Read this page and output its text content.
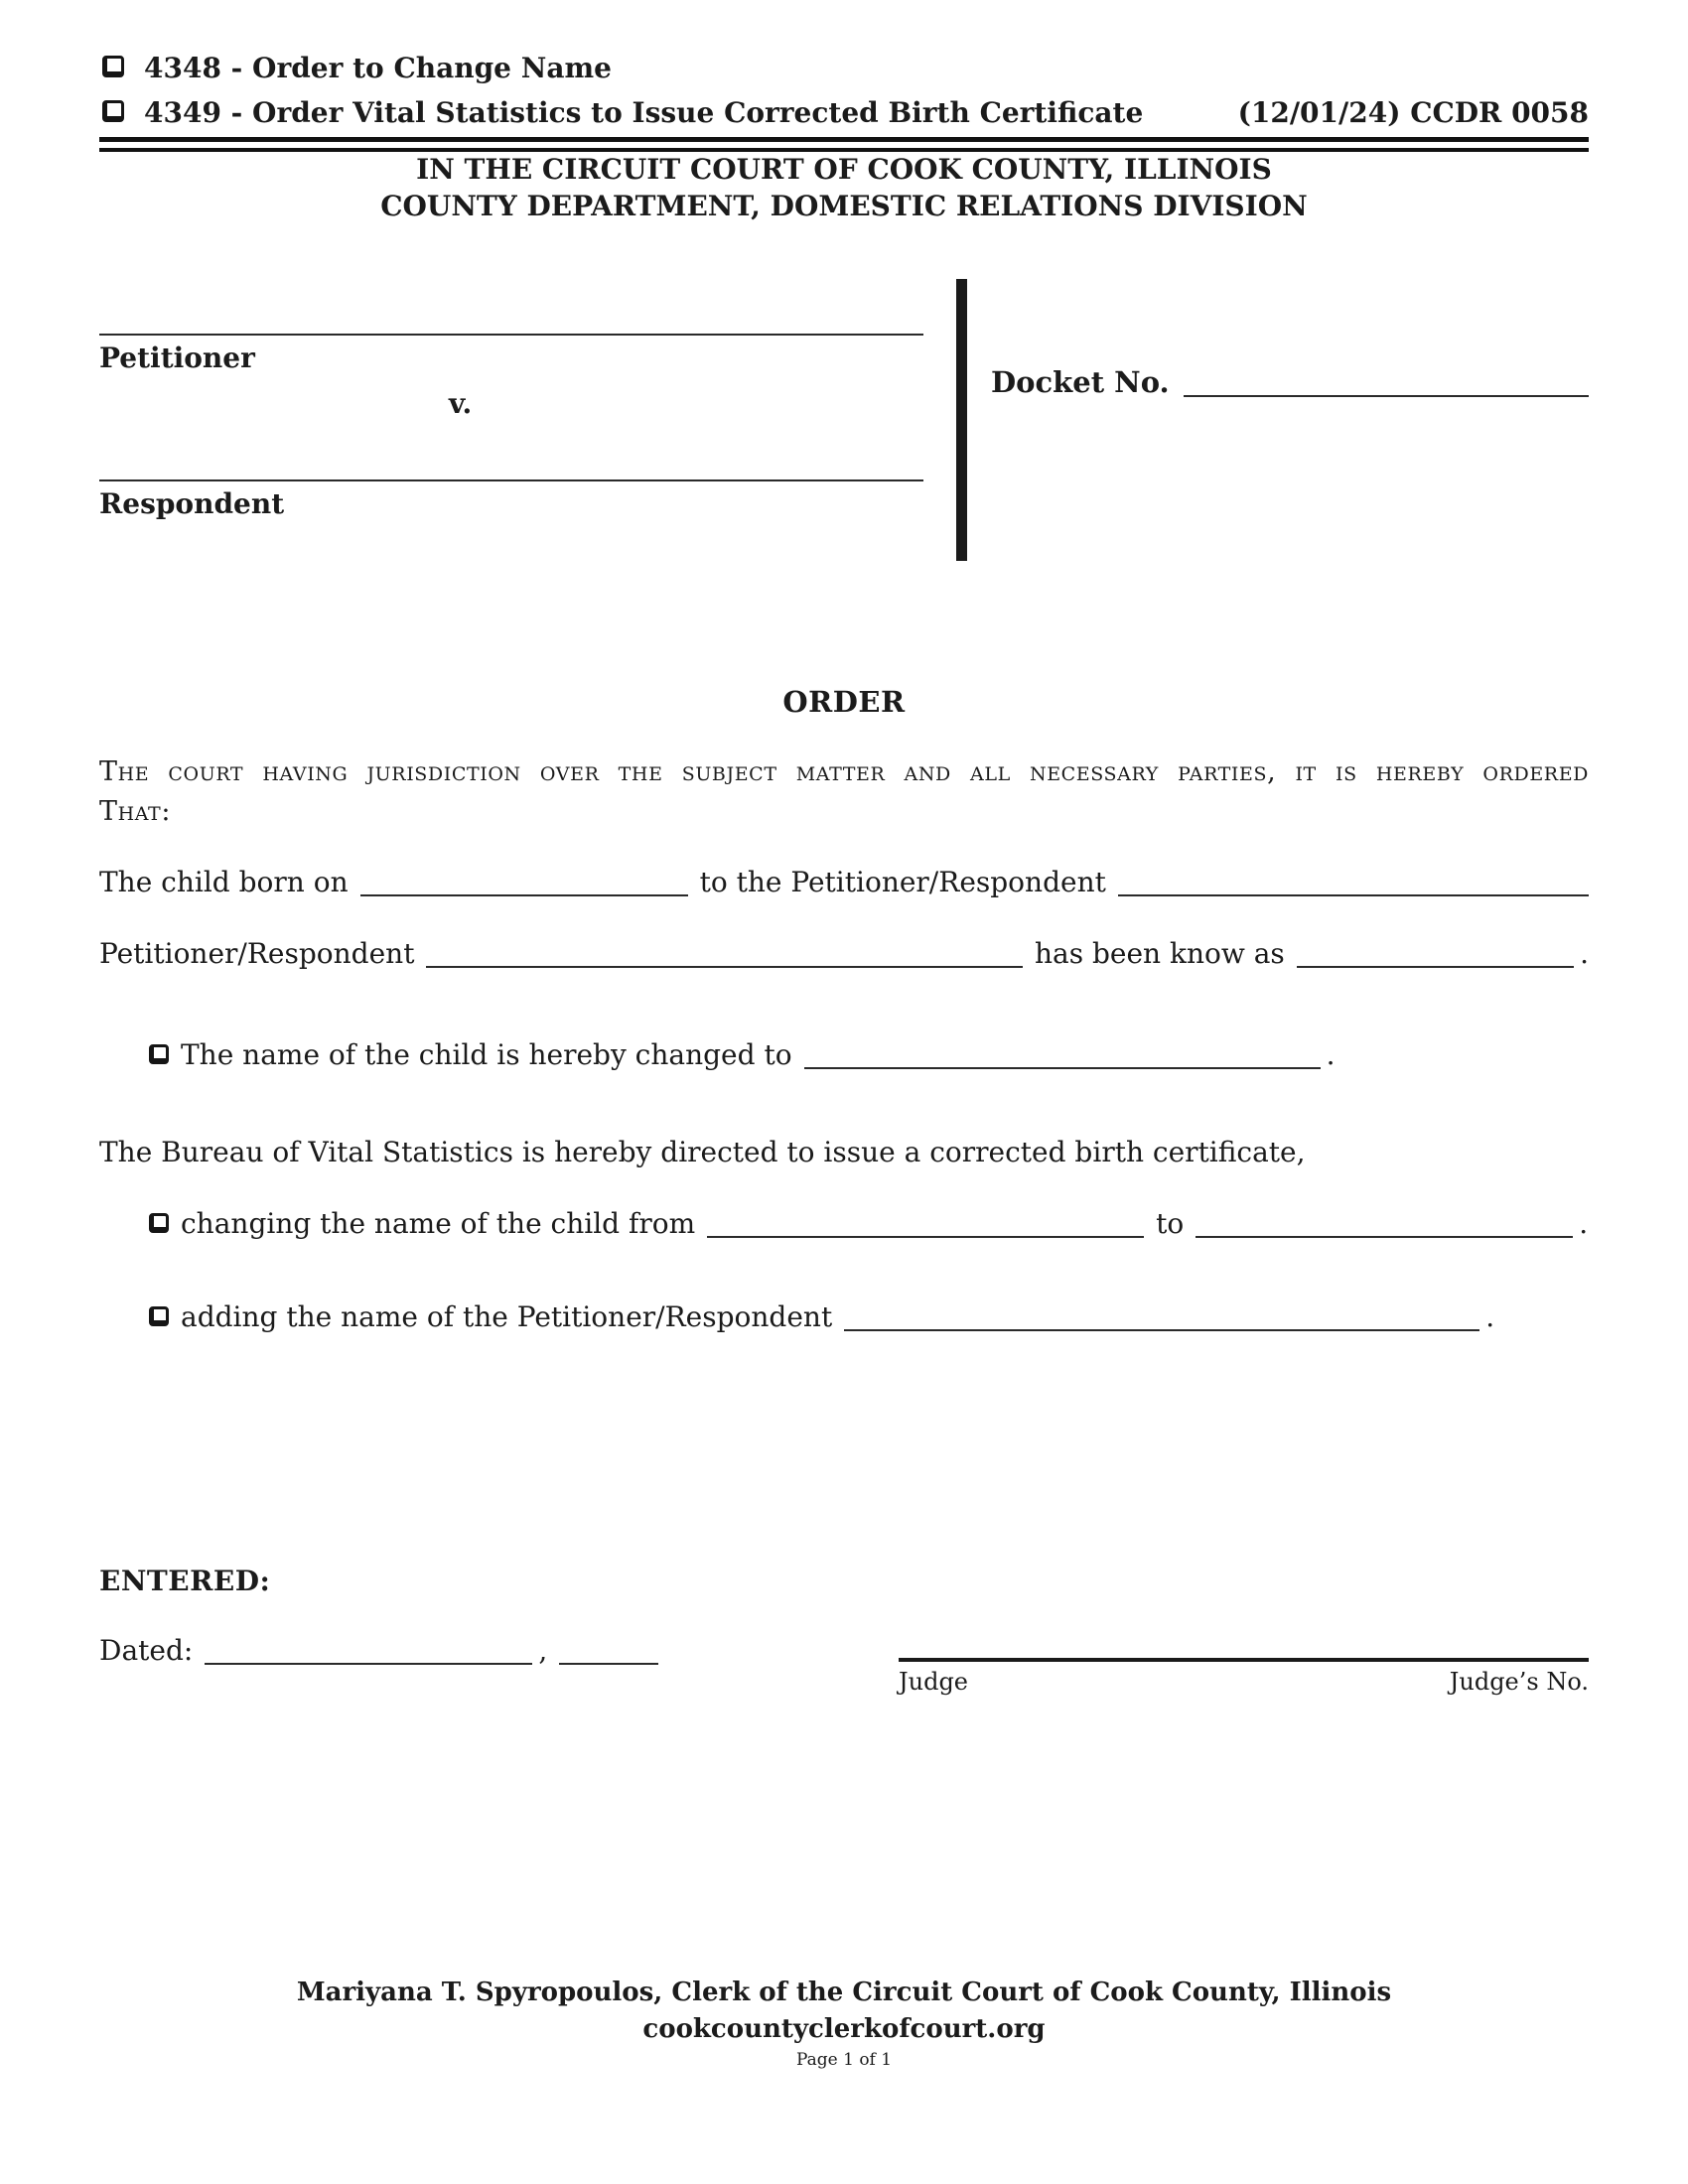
4348 - Order to Change Name
4349 - Order Vital Statistics to Issue Corrected Birth Certificate	(12/01/24) CCDR 0058
IN THE CIRCUIT COURT OF COOK COUNTY, ILLINOIS
COUNTY DEPARTMENT, DOMESTIC RELATIONS DIVISION
Petitioner
v.
Respondent
Docket No.
ORDER
The court having jurisdiction over the subject matter and all necessary parties, it is hereby ordered
That:
The child born on	to the Petitioner/Respondent
Petitioner/Respondent	has been know as	.
The name of the child is hereby changed to	.
The Bureau of Vital Statistics is hereby directed to issue a corrected birth certificate,
changing the name of the child from	to	.
adding the name of the Petitioner/Respondent	.
ENTERED:
Dated:	,
Judge	Judge’s No.
Mariyana T. Spyropoulos, Clerk of the Circuit Court of Cook County, Illinois
cookcountyclerkofcourt.org
Page 1 of 1
